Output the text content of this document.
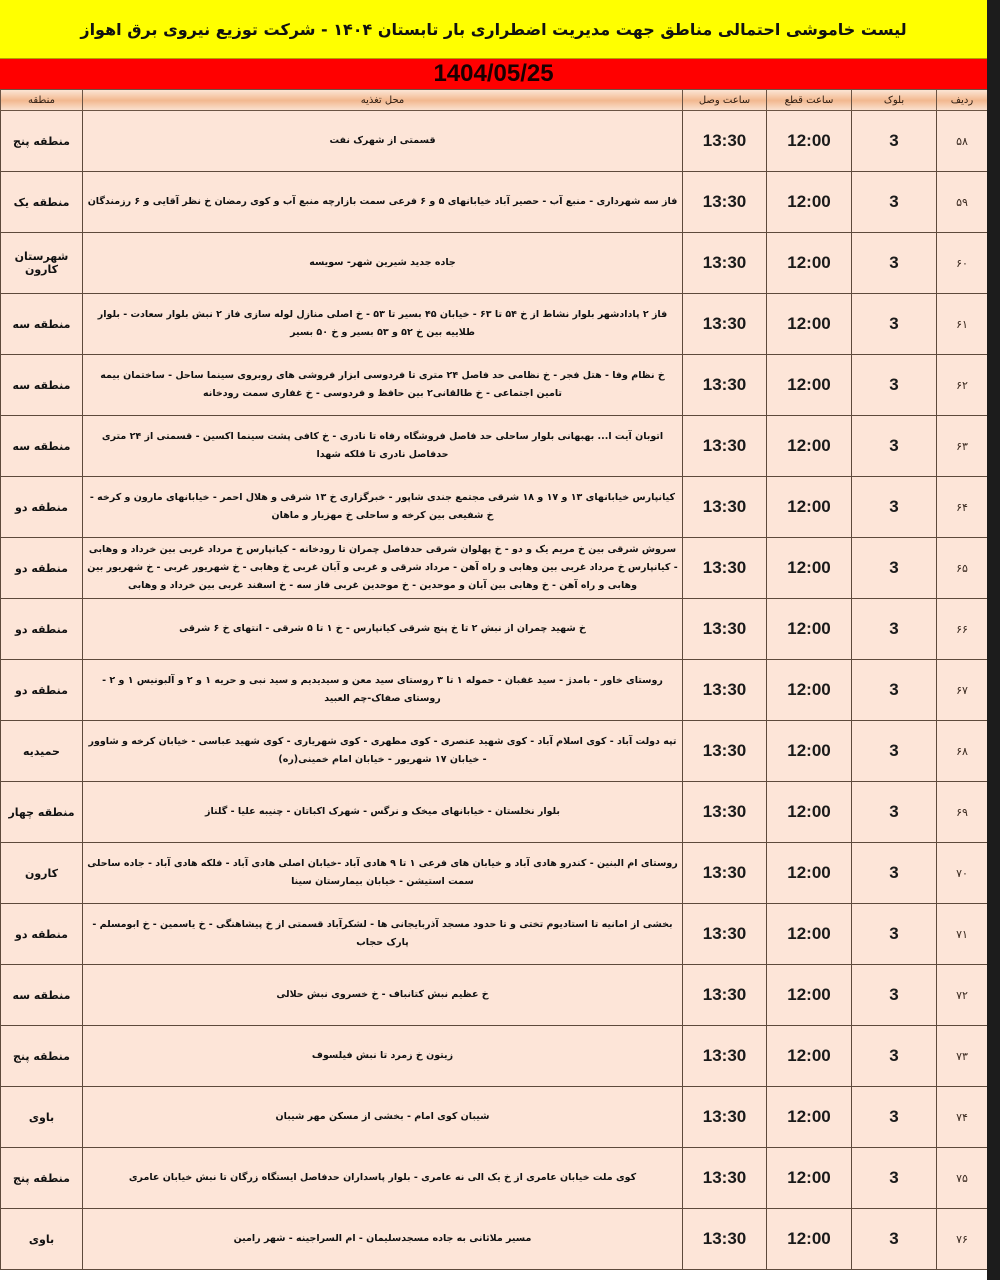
لیست خاموشی احتمالی مناطق جهت مدیریت اضطراری بار تابستان ۱۴۰۴ - شرکت توزیع نیروی برق اهواز
1404/05/25
ردیف	بلوک	ساعت قطع	ساعت وصل	محل تغذیه	منطقه
۵۸	3	12:00	13:30	قسمتی از شهرک نفت	منطقه پنج
۵۹	3	12:00	13:30	فاز سه شهرداری - منبع آب - حصیر آباد خیابانهای ۵ و ۶ فرعی سمت بازارچه منبع آب و کوی رمضان خ نظر آقایی و ۶ رزمندگان	منطقه یک
۶۰	3	12:00	13:30	جاده جدید شیرین شهر- سویسه	شهرستان کارون
۶۱	3	12:00	13:30	فاز ۲ پادادشهر بلوار نشاط از خ ۵۴ تا ۶۳ - خیابان ۴۵ بسیر تا ۵۳ - خ اصلی منازل لوله سازی فاز ۲ نبش بلوار سعادت - بلوار طلاییه بین خ ۵۲ و ۵۳ بسیر و خ ۵۰ بسیر	منطقه سه
۶۲	3	12:00	13:30	خ نظام وفا - هتل فجر - خ نظامی حد فاصل ۲۴ متری تا فردوسی ابزار فروشی های روبروی سینما ساحل - ساختمان بیمه تامین اجتماعی - خ طالقانی۲ بین حافظ و فردوسی - خ غفاری سمت رودخانه	منطقه سه
۶۳	3	12:00	13:30	اتوبان آیت ا... بهبهانی بلوار ساحلی حد فاصل فروشگاه رفاه تا نادری - خ کافی پشت سینما اکسین - قسمتی از ۲۴ متری حدفاصل نادری تا فلکه شهدا	منطقه سه
۶۴	3	12:00	13:30	کیانپارس خیابانهای ۱۳ و ۱۷ و ۱۸ شرقی مجتمع جندی شاپور - خبرگزاری خ ۱۳ شرقی و هلال احمر - خیابانهای مارون و کرخه - خ شفیعی بین کرخه و ساحلی خ مهزیار و ماهان	منطقه دو
۶۵	3	12:00	13:30	سروش شرقی بین خ مریم یک و دو - خ پهلوان شرقی حدفاصل چمران تا رودخانه - کیانپارس خ مرداد غربی بین خرداد و وهابی - کیانپارس خ مرداد غربی بین وهابی و راه آهن - مرداد شرقی و غربی و آبان غربی خ وهابی - خ شهریور غربی - خ شهریور بین وهابی و راه آهن - خ وهابی بین آبان و موحدین - خ موحدین غربی فاز سه - خ اسفند غربی بین خرداد و وهابی	منطقه دو
۶۶	3	12:00	13:30	خ شهید چمران از نبش ۲ تا خ پنج شرقی کیانپارس - خ ۱ تا ۵ شرقی - انتهای خ ۶ شرقی	منطقه دو
۶۷	3	12:00	13:30	روستای خاور - بامدژ - سید غفبان - حموله ۱ تا ۳ روستای سید معن و سیدیدیم و سید نبی و حریه ۱ و ۲ و آلبونیس ۱ و ۲ - روستای صفاک-چم العبید	منطقه دو
۶۸	3	12:00	13:30	تپه دولت آباد - کوی اسلام آباد - کوی شهید عنصری - کوی مطهری - کوی شهریاری - کوی شهید عباسی - خیابان کرخه و شاوور - خیابان ۱۷ شهریور - خیابان امام خمینی(ره)	حمیدیه
۶۹	3	12:00	13:30	بلوار نخلستان - خیابانهای میخک و نرگس - شهرک اکباتان - چنیبه علیا - گلناز	منطقه چهار
۷۰	3	12:00	13:30	روستای ام البنین - کندرو هادی آباد و خیابان های فرعی ۱ تا ۹ هادی آباد -خیابان اصلی هادی آباد - فلکه هادی آباد - جاده ساحلی سمت استیشن - خیابان بیمارستان سینا	کارون
۷۱	3	12:00	13:30	بخشی از امانیه تا استادیوم تختی و تا حدود مسجد آذربایجانی ها - لشکرآباد قسمتی از خ پیشاهنگی - خ یاسمین - خ ابومسلم - پارک حجاب	منطقه دو
۷۲	3	12:00	13:30	خ عظیم نبش کتانباف - خ خسروی نبش حلالی	منطقه سه
۷۳	3	12:00	13:30	زیتون خ زمرد تا نبش فیلسوف	منطقه پنج
۷۴	3	12:00	13:30	شیبان کوی امام - بخشی از مسکن مهر شیبان	باوی
۷۵	3	12:00	13:30	کوی ملت خیابان عامری از خ یک الی نه عامری - بلوار پاسداران حدفاصل ایستگاه زرگان تا نبش خیابان عامری	منطقه پنج
۷۶	3	12:00	13:30	مسیر ملاثانی به جاده مسجدسلیمان - ام السراجینه - شهر رامین	باوی
